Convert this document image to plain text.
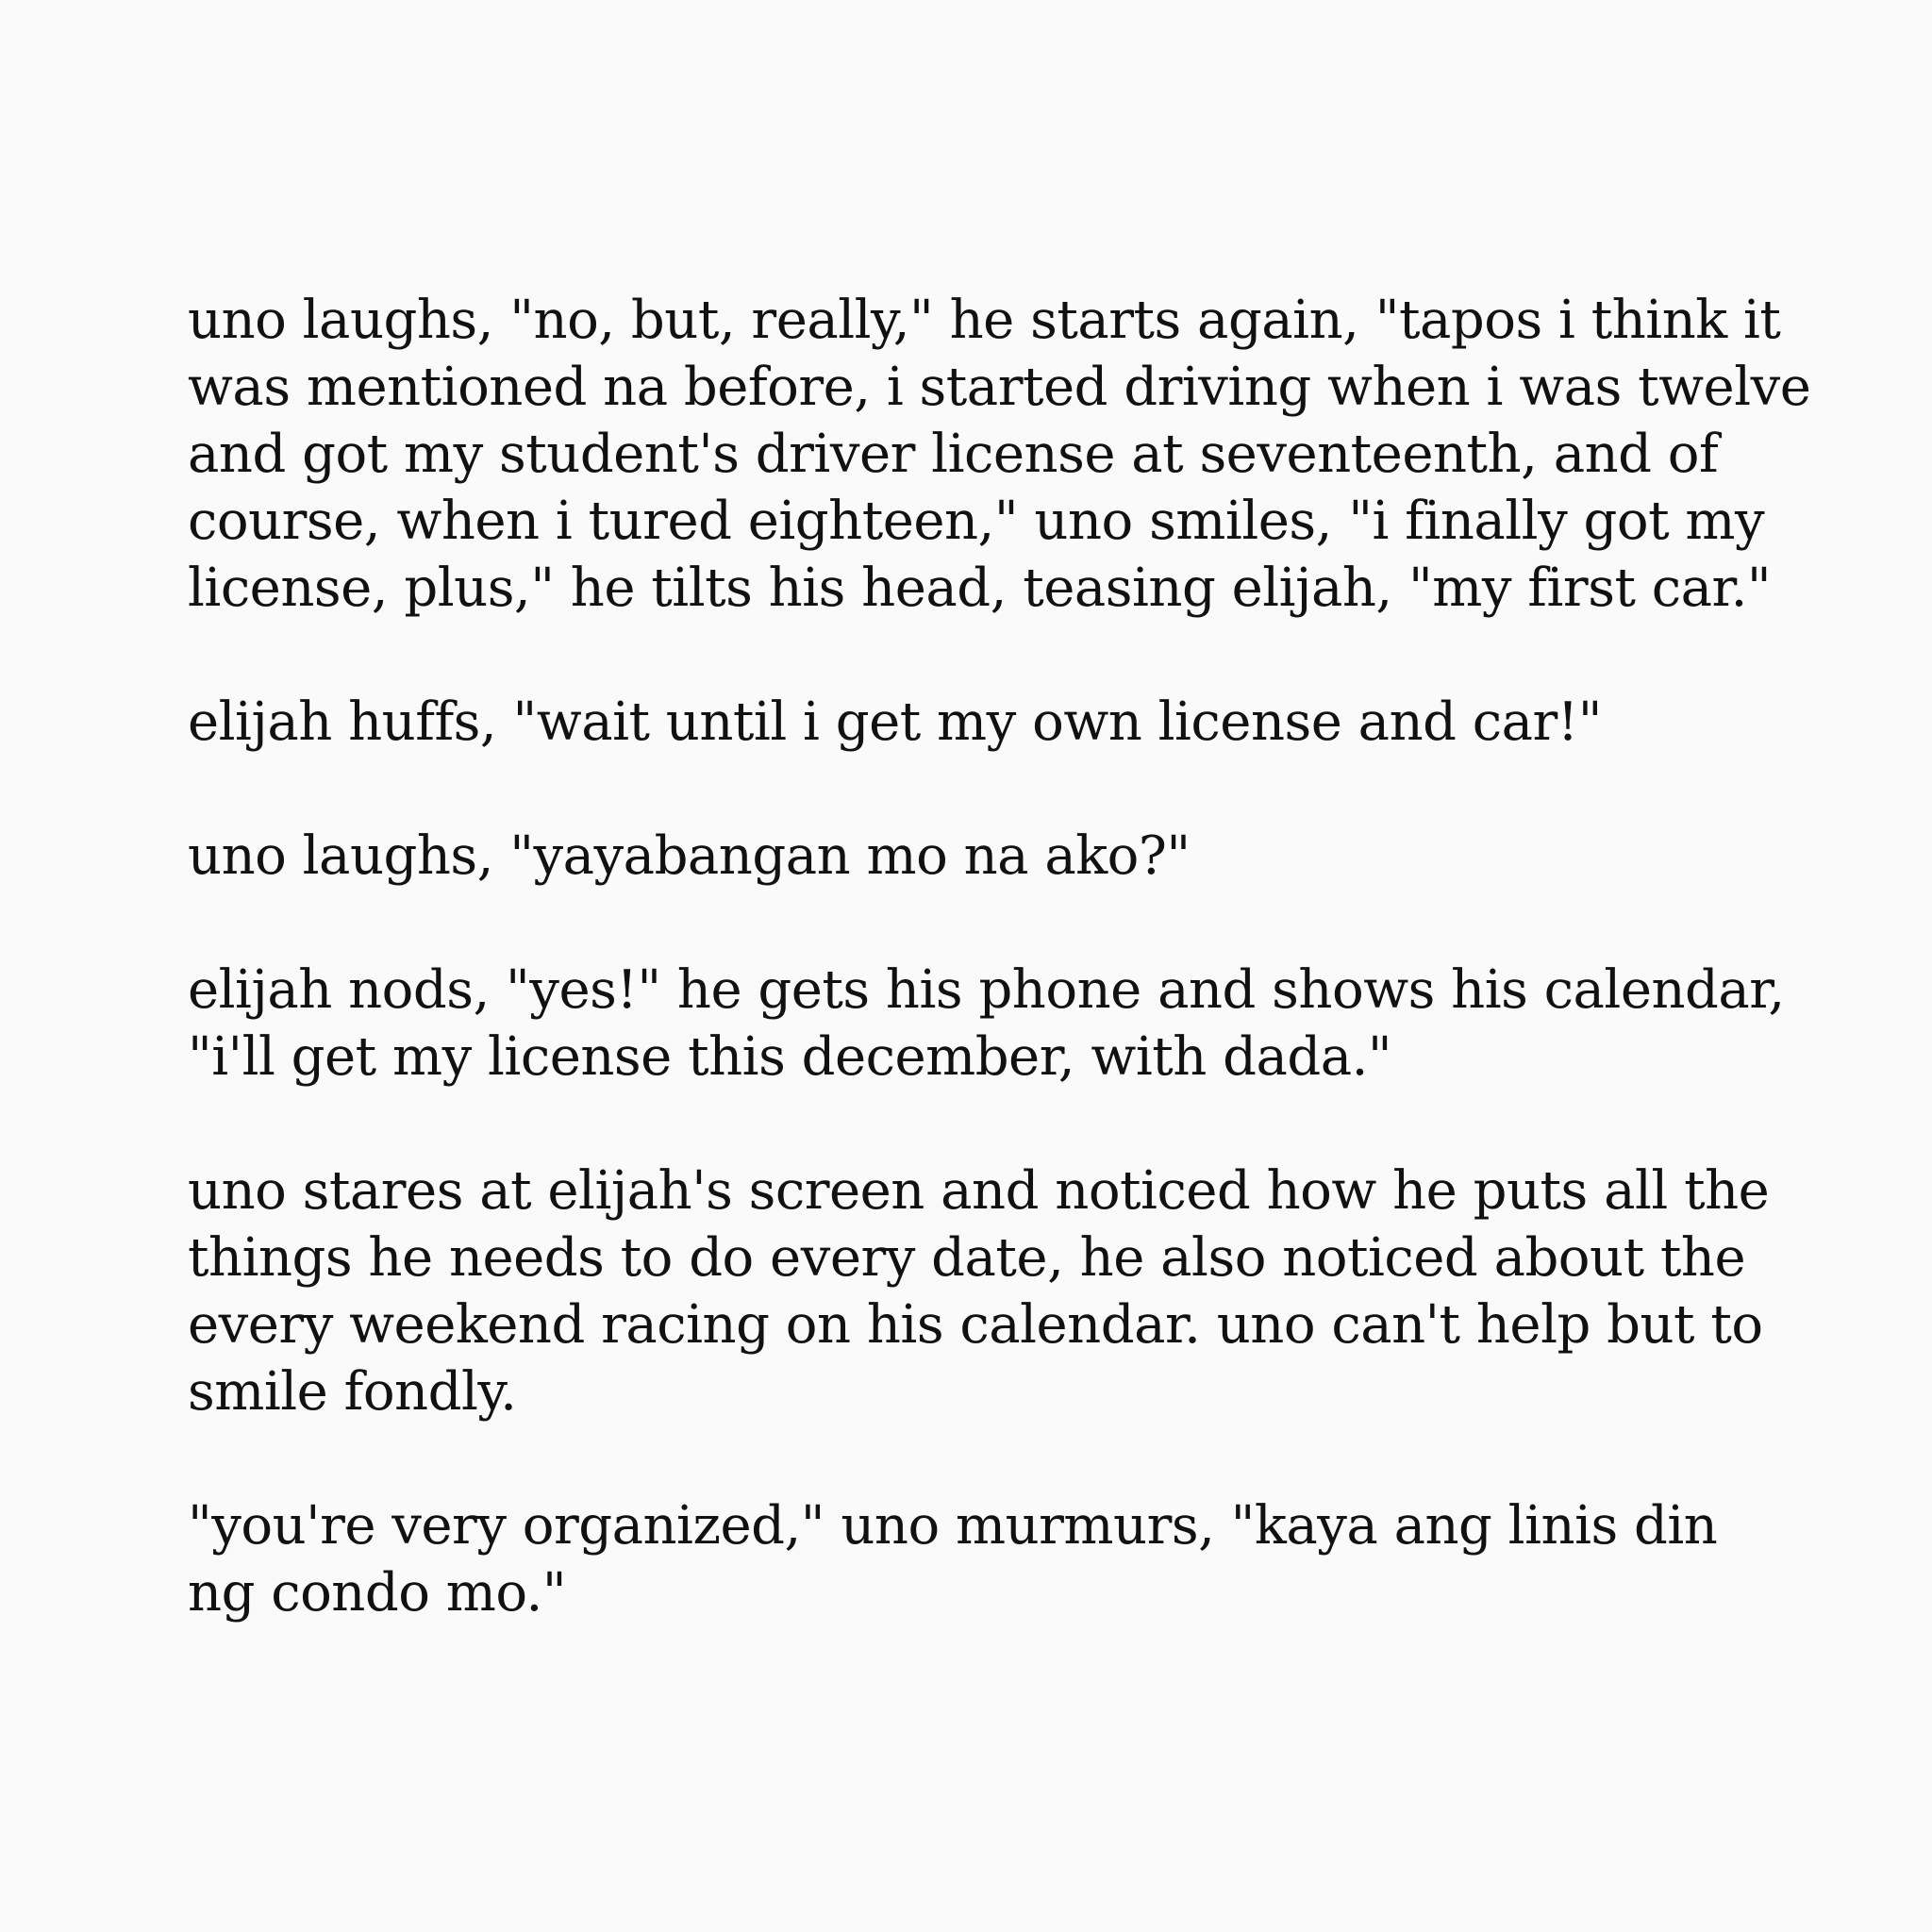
uno laughs, "no, but, really," he starts again, "tapos i think it
was mentioned na before, i started driving when i was twelve
and got my student's driver license at seventeenth, and of
course, when i tured eighteen," uno smiles, "i finally got my
license, plus," he tilts his head, teasing elijah, "my first car."

elijah huffs, "wait until i get my own license and car!"

uno laughs, "yayabangan mo na ako?"

elijah nods, "yes!" he gets his phone and shows his calendar,
"i'll get my license this december, with dada."

uno stares at elijah's screen and noticed how he puts all the
things he needs to do every date, he also noticed about the
every weekend racing on his calendar. uno can't help but to
smile fondly.

"you're very organized," uno murmurs, "kaya ang linis din
ng condo mo."
